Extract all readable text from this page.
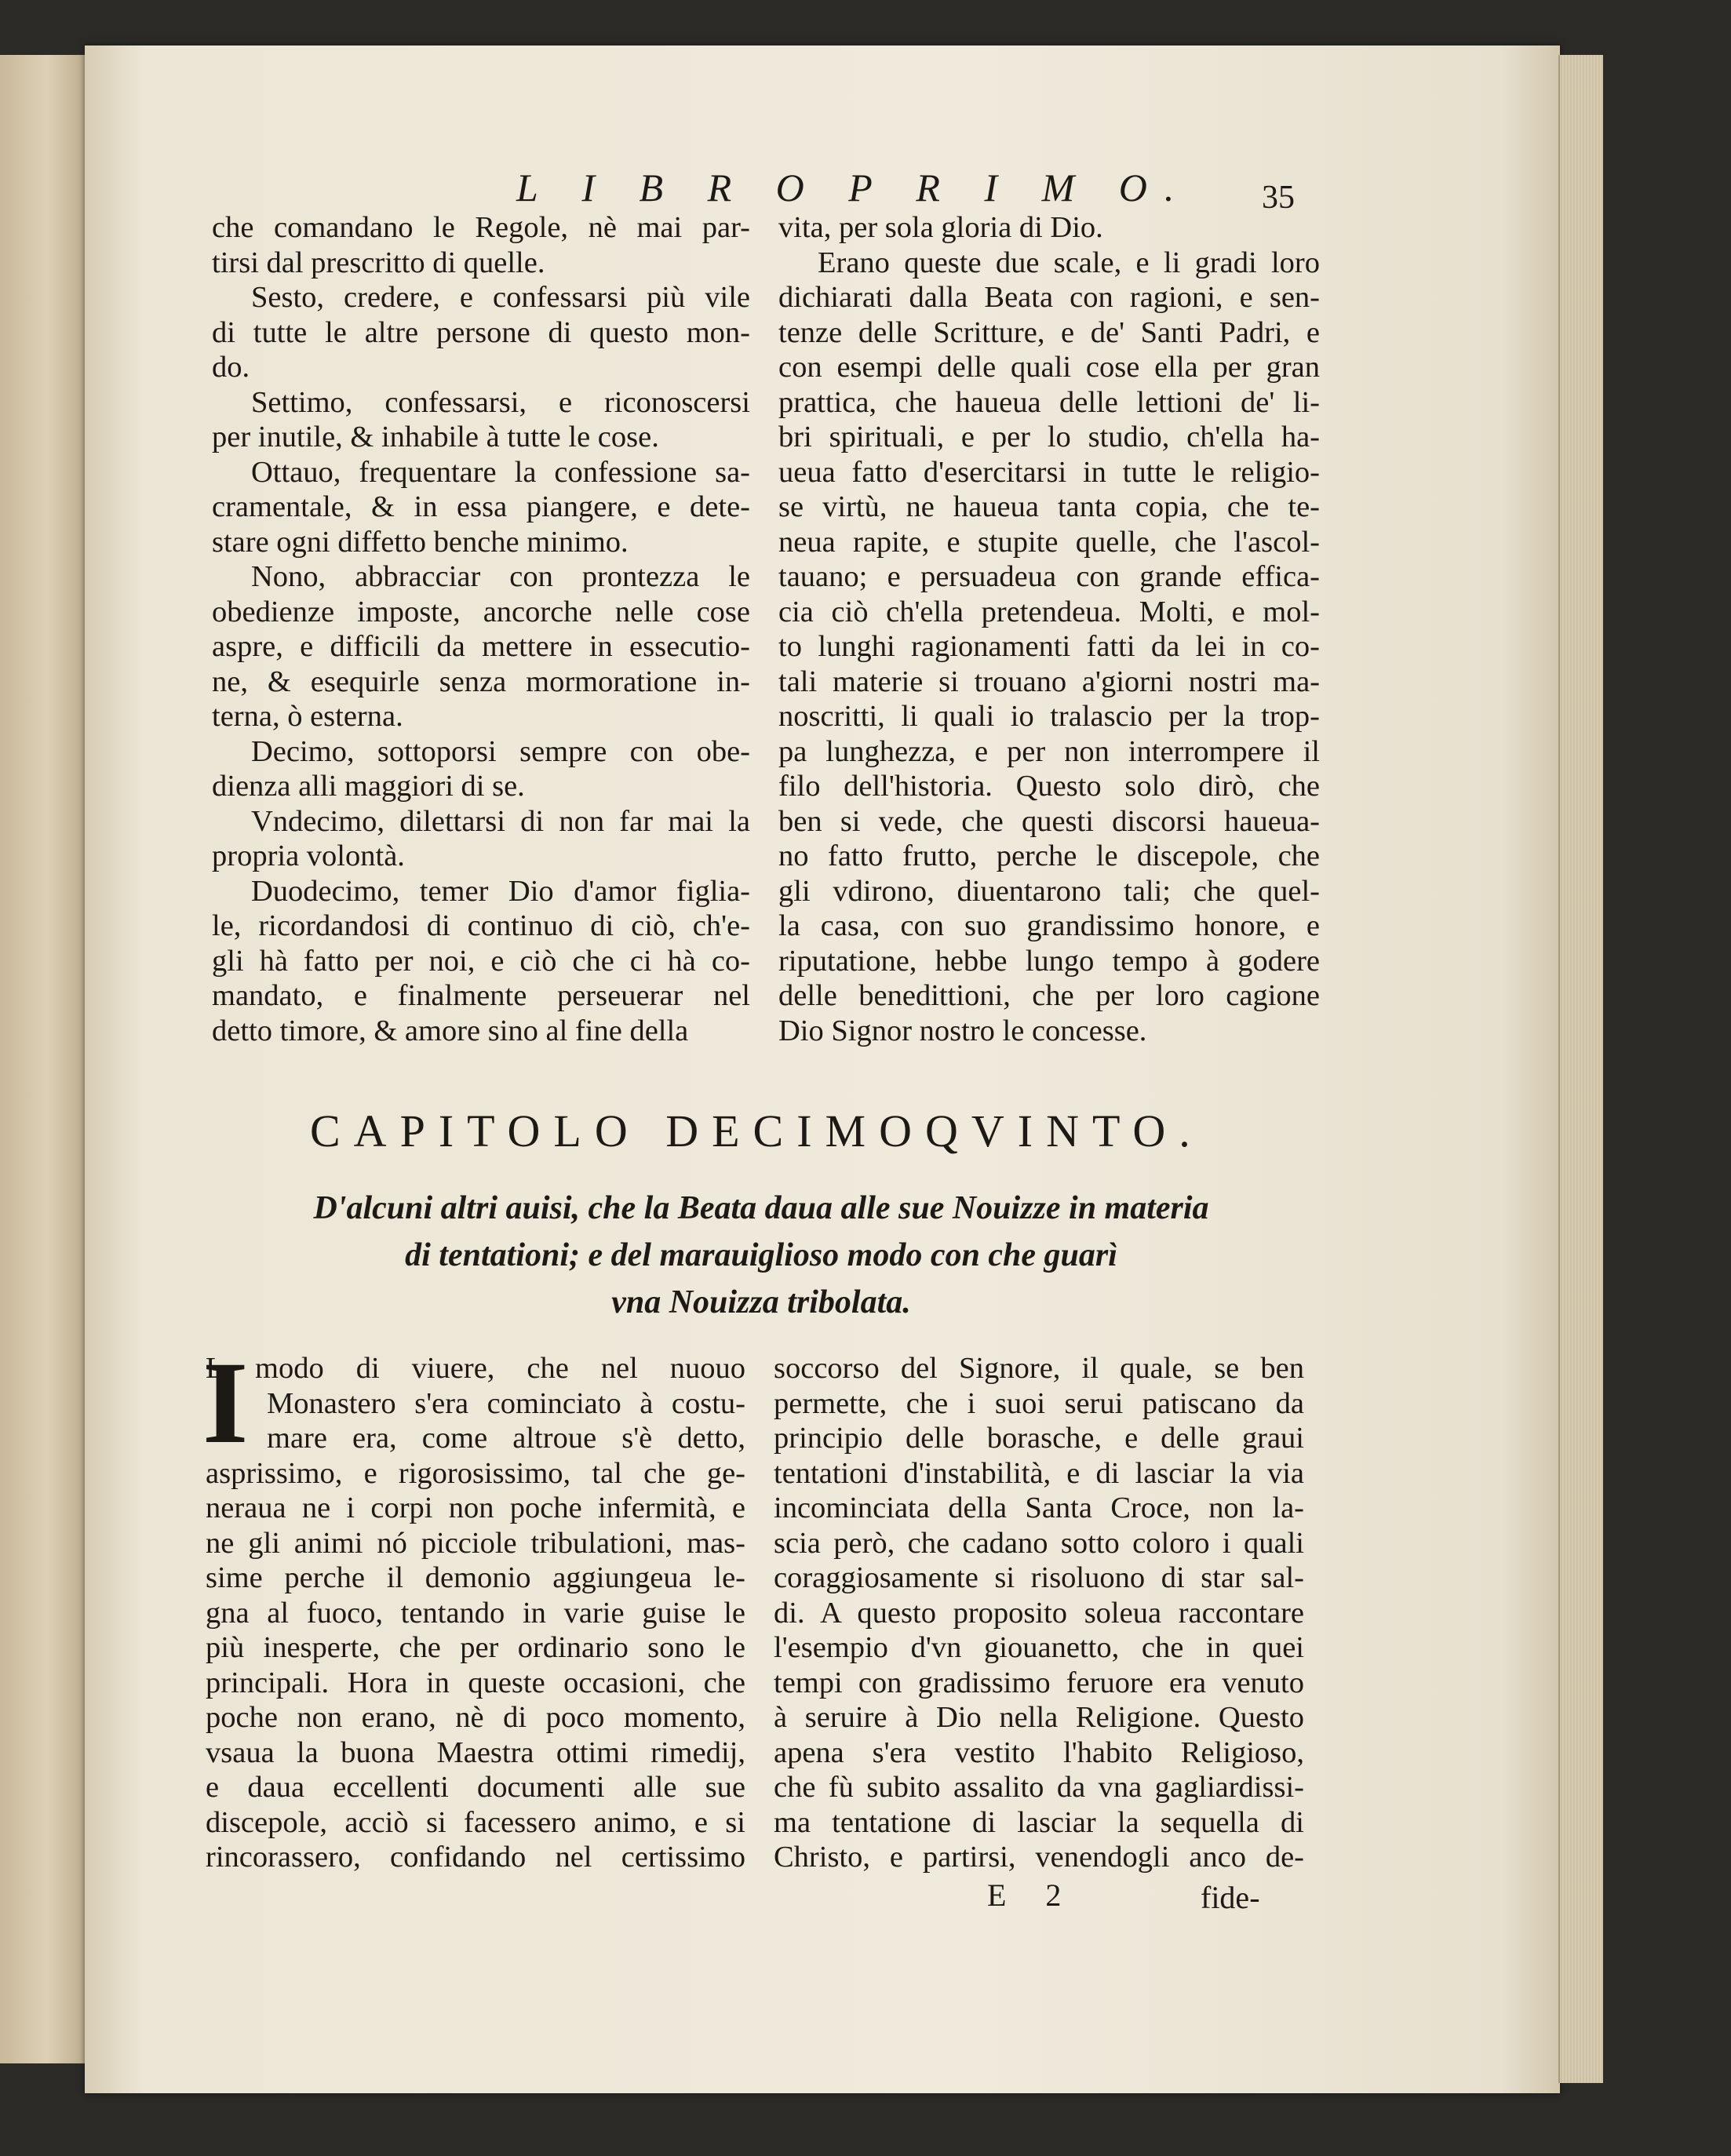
L I B R O P R I M O. 35
che comandano le Regole, nè mai par-
tirsi dal prescritto di quelle.
Sesto, credere, e confessarsi più vile
di tutte le altre persone di questo mon-
do.
Settimo, confessarsi, e riconoscersi
per inutile, & inhabile à tutte le cose.
Ottauo, frequentare la confessione sa-
cramentale, & in essa piangere, e dete-
stare ogni diffetto benche minimo.
Nono, abbracciar con prontezza le
obedienze imposte, ancorche nelle cose
aspre, e difficili da mettere in essecutio-
ne, & esequirle senza mormoratione in-
terna, ò esterna.
Decimo, sottoporsi sempre con obe-
dienza alli maggiori di se.
Vndecimo, dilettarsi di non far mai la
propria volontà.
Duodecimo, temer Dio d'amor figlia-
le, ricordandosi di continuo di ciò, ch'e-
gli hà fatto per noi, e ciò che ci hà co-
mandato, e finalmente perseuerar nel
detto timore, & amore sino al fine della
vita, per sola gloria di Dio.
Erano queste due scale, e li gradi loro
dichiarati dalla Beata con ragioni, e sen-
tenze delle Scritture, e de' Santi Padri, e
con esempi delle quali cose ella per gran
prattica, che haueua delle lettioni de' li-
bri spirituali, e per lo studio, ch'ella ha-
ueua fatto d'esercitarsi in tutte le religio-
se virtù, ne haueua tanta copia, che te-
neua rapite, e stupite quelle, che l'ascol-
tauano; e persuadeua con grande effica-
cia ciò ch'ella pretendeua. Molti, e mol-
to lunghi ragionamenti fatti da lei in co-
tali materie si trouano a'giorni nostri ma-
noscritti, li quali io tralascio per la trop-
pa lunghezza, e per non interrompere il
filo dell'historia. Questo solo dirò, che
ben si vede, che questi discorsi haueua-
no fatto frutto, perche le discepole, che
gli vdirono, diuentarono tali; che quel-
la casa, con suo grandissimo honore, e
riputatione, hebbe lungo tempo à godere
delle benedittioni, che per loro cagione
Dio Signor nostro le concesse.
CAPITOLO DECIMOQVINTO.
D'alcuni altri auisi, che la Beata daua alle sue Nouizze in materia
di tentationi; e del marauiglioso modo con che guarì
vna Nouizza tribolata.
I
L modo di viuere, che nel nuouo
Monastero s'era cominciato à costu-
mare era, come altroue s'è detto,
asprissimo, e rigorosissimo, tal che ge-
neraua ne i corpi non poche infermità, e
ne gli animi nó picciole tribulationi, mas-
sime perche il demonio aggiungeua le-
gna al fuoco, tentando in varie guise le
più inesperte, che per ordinario sono le
principali. Hora in queste occasioni, che
poche non erano, nè di poco momento,
vsaua la buona Maestra ottimi rimedij,
e daua eccellenti documenti alle sue
discepole, acciò si facessero animo, e si
rincorassero, confidando nel certissimo
soccorso del Signore, il quale, se ben
permette, che i suoi serui patiscano da
principio delle borasche, e delle graui
tentationi d'instabilità, e di lasciar la via
incominciata della Santa Croce, non la-
scia però, che cadano sotto coloro i quali
coraggiosamente si risoluono di star sal-
di. A questo proposito soleua raccontare
l'esempio d'vn giouanetto, che in quei
tempi con gradissimo feruore era venuto
à seruire à Dio nella Religione. Questo
apena s'era vestito l'habito Religioso,
che fù subito assalito da vna gagliardissi-
ma tentatione di lasciar la sequella di
Christo, e partirsi, venendogli anco de-
E 2	fide-
